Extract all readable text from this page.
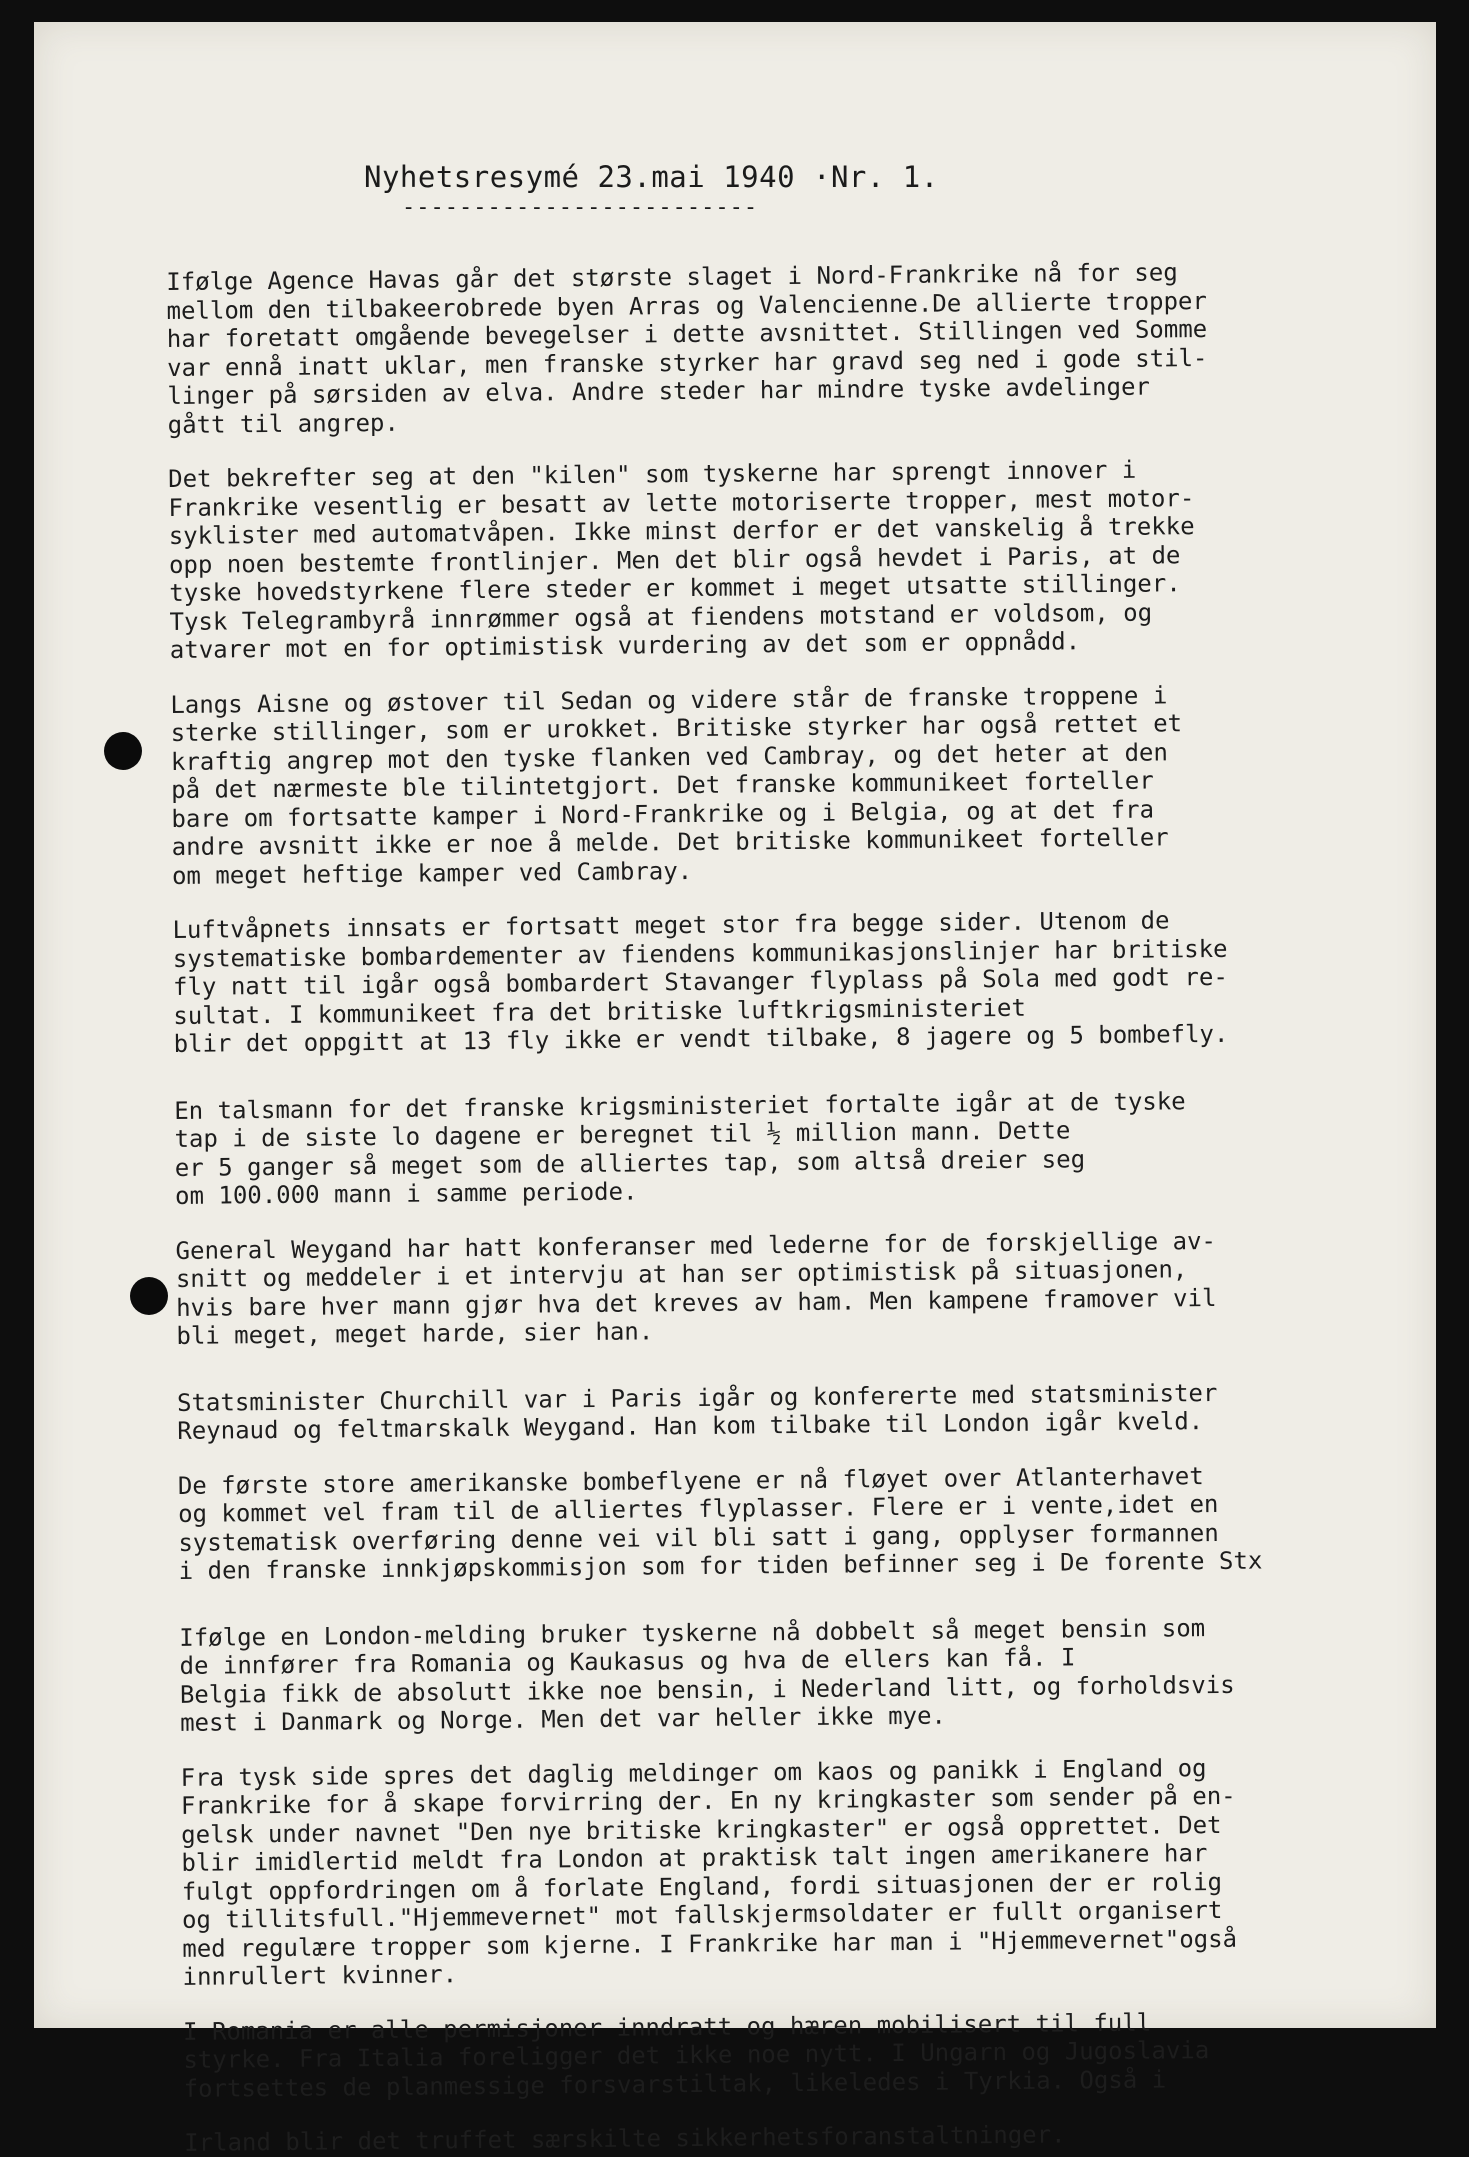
Nyhetsresymé 23.mai 1940 ·Nr. 1.
-------------------------
Ifølge Agence Havas går det største slaget i Nord-Frankrike nå for seg
mellom den tilbakeerobrede byen Arras og Valencienne.De allierte tropper
har foretatt omgående bevegelser i dette avsnittet. Stillingen ved Somme
var ennå inatt uklar, men franske styrker har gravd seg ned i gode stil-
linger på sørsiden av elva. Andre steder har mindre tyske avdelinger
gått til angrep.
Det bekrefter seg at den "kilen" som tyskerne har sprengt innover i
Frankrike vesentlig er besatt av lette motoriserte tropper, mest motor-
syklister med automatvåpen. Ikke minst derfor er det vanskelig å trekke
opp noen bestemte frontlinjer. Men det blir også hevdet i Paris, at de
tyske hovedstyrkene flere steder er kommet i meget utsatte stillinger.
Tysk Telegrambyrå innrømmer også at fiendens motstand er voldsom, og
atvarer mot en for optimistisk vurdering av det som er oppnådd.
Langs Aisne og østover til Sedan og videre står de franske troppene i
sterke stillinger, som er urokket. Britiske styrker har også rettet et
kraftig angrep mot den tyske flanken ved Cambray, og det heter at den
på det nærmeste ble tilintetgjort. Det franske kommunikeet forteller
bare om fortsatte kamper i Nord-Frankrike og i Belgia, og at det fra
andre avsnitt ikke er noe å melde. Det britiske kommunikeet forteller
om meget heftige kamper ved Cambray.
Luftvåpnets innsats er fortsatt meget stor fra begge sider. Utenom de
systematiske bombardementer av fiendens kommunikasjonslinjer har britiske
fly natt til igår også bombardert Stavanger flyplass på Sola med godt re-
sultat. I kommunikeet fra det britiske luftkrigsministeriet
blir det oppgitt at 13 fly ikke er vendt tilbake, 8 jagere og 5 bombefly.
En talsmann for det franske krigsministeriet fortalte igår at de tyske
tap i de siste lo dagene er beregnet til ½ million mann. Dette
er 5 ganger så meget som de alliertes tap, som altså dreier seg
om 100.000 mann i samme periode.
General Weygand har hatt konferanser med lederne for de forskjellige av-
snitt og meddeler i et intervju at han ser optimistisk på situasjonen,
hvis bare hver mann gjør hva det kreves av ham. Men kampene framover vil
bli meget, meget harde, sier han.
Statsminister Churchill var i Paris igår og konfererte med statsminister
Reynaud og feltmarskalk Weygand. Han kom tilbake til London igår kveld.
De første store amerikanske bombeflyene er nå fløyet over Atlanterhavet
og kommet vel fram til de alliertes flyplasser. Flere er i vente,idet en
systematisk overføring denne vei vil bli satt i gang, opplyser formannen
i den franske innkjøpskommisjon som for tiden befinner seg i De forente Stx
Ifølge en London-melding bruker tyskerne nå dobbelt så meget bensin som
de innfører fra Romania og Kaukasus og hva de ellers kan få. I
Belgia fikk de absolutt ikke noe bensin, i Nederland litt, og forholdsvis
mest i Danmark og Norge. Men det var heller ikke mye.
Fra tysk side spres det daglig meldinger om kaos og panikk i England og
Frankrike for å skape forvirring der. En ny kringkaster som sender på en-
gelsk under navnet "Den nye britiske kringkaster" er også opprettet. Det
blir imidlertid meldt fra London at praktisk talt ingen amerikanere har
fulgt oppfordringen om å forlate England, fordi situasjonen der er rolig
og tillitsfull."Hjemmevernet" mot fallskjermsoldater er fullt organisert
med regulære tropper som kjerne. I Frankrike har man i "Hjemmevernet"også
innrullert kvinner.
I Romania er alle permisjoner inndratt og hæren mobilisert til full
styrke. Fra Italia foreligger det ikke noe nytt. I Ungarn og Jugoslavia
fortsettes de planmessige forsvarstiltak, likeledes i Tyrkia. Også i
Irland blir det truffet særskilte sikkerhetsforanstaltninger.
